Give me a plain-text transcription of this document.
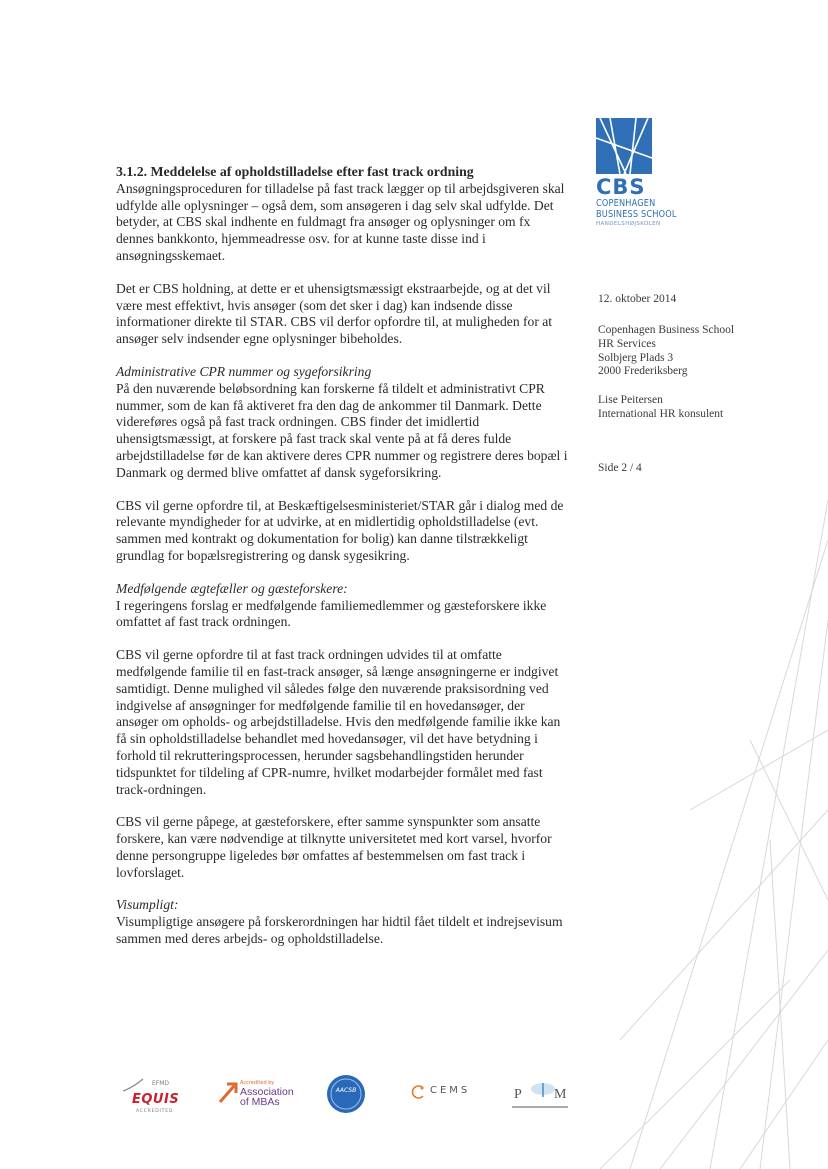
CBS
COPENHAGEN
BUSINESS SCHOOL
HANDELSHØJSKOLEN
12. oktober 2014
Copenhagen Business School
HR Services
Solbjerg Plads 3
2000 Frederiksberg
Lise Peitersen
International HR konsulent
Side 2 / 4

3.1.2. Meddelelse af opholdstilladelse efter fast track ordning

Ansøgningsproceduren for tilladelse på fast track lægger op til arbejdsgiveren skal udfylde alle oplysninger – også dem, som ansøgeren i dag selv skal udfylde. Det betyder, at CBS skal indhente en fuldmagt fra ansøger og oplysninger om fx dennes bankkonto, hjemmeadresse osv. for at kunne taste disse ind i ansøgningsskemaet.

Det er CBS holdning, at dette er et uhensigtsmæssigt ekstraarbejde, og at det vil være mest effektivt, hvis ansøger (som det sker i dag) kan indsende disse informationer direkte til STAR. CBS vil derfor opfordre til, at muligheden for at ansøger selv indsender egne oplysninger bibeholdes.

Administrative CPR nummer og sygeforsikring

På den nuværende beløbsordning kan forskerne få tildelt et administrativt CPR nummer, som de kan få aktiveret fra den dag de ankommer til Danmark. Dette videreføres også på fast track ordningen. CBS finder det imidlertid uhensigtsmæssigt, at forskere på fast track skal vente på at få deres fulde arbejdstilladelse før de kan aktivere deres CPR nummer og registrere deres bopæl i Danmark og dermed blive omfattet af dansk sygeforsikring.

CBS vil gerne opfordre til, at Beskæftigelsesministeriet/STAR går i dialog med de relevante myndigheder for at udvirke, at en midlertidig opholdstilladelse (evt. sammen med kontrakt og dokumentation for bolig) kan danne tilstrækkeligt grundlag for bopælsregistrering og dansk sygesikring.

Medfølgende ægtefæller og gæsteforskere:

I regeringens forslag er medfølgende familiemedlemmer og gæsteforskere ikke omfattet af fast track ordningen.

CBS vil gerne opfordre til at fast track ordningen udvides til at omfatte medfølgende familie til en fast-track ansøger, så længe ansøgningerne er indgivet samtidigt. Denne mulighed vil således følge den nuværende praksisordning ved indgivelse af ansøgninger for medfølgende familie til en hovedansøger, der ansøger om opholds- og arbejdstilladelse. Hvis den medfølgende familie ikke kan få sin opholdstilladelse behandlet med hovedansøger, vil det have betydning i forhold til rekrutteringsprocessen, herunder sagsbehandlingstiden herunder tidspunktet for tildeling af CPR-numre, hvilket modarbejder formålet med fast track-ordningen.

CBS vil gerne påpege, at gæsteforskere, efter samme synspunkter som ansatte forskere, kan være nødvendige at tilknytte universitetet med kort varsel, hvorfor denne persongruppe ligeledes bør omfattes af bestemmelsen om fast track i lovforslaget.

Visumpligt:

Visumpligtige ansøgere på forskerordningen har hidtil fået tildelt et indrejsevisum sammen med deres arbejds- og opholdstilladelse.

EFMD
EQUIS
ACCREDITED
Accredited by
Association
of MBAs
AACSB	CEMS	P M
